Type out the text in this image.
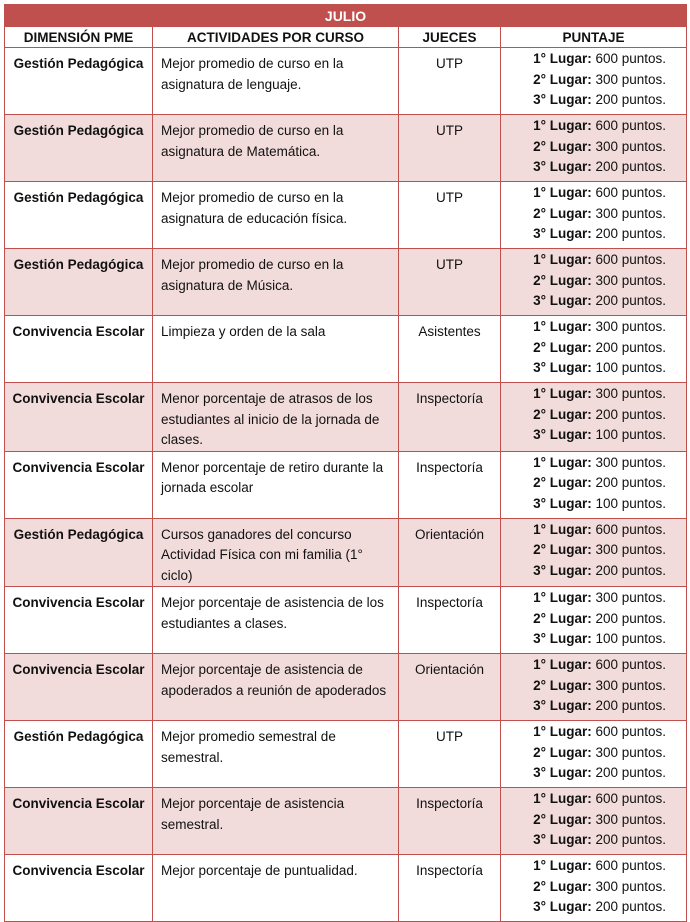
JULIO			
DIMENSIÓN PME	ACTIVIDADES POR CURSO	JUECES	PUNTAJE
Gestión Pedagógica	Mejor promedio de curso en la asignatura de lenguaje.	UTP	1° Lugar: 600 puntos.
2° Lugar: 300 puntos.
3° Lugar: 200 puntos.

Gestión Pedagógica	Mejor promedio de curso en la asignatura de Matemática.	UTP	1° Lugar: 600 puntos.
2° Lugar: 300 puntos.
3° Lugar: 200 puntos.

Gestión Pedagógica	Mejor promedio de curso en la asignatura de educación física.	UTP	1° Lugar: 600 puntos.
2° Lugar: 300 puntos.
3° Lugar: 200 puntos.

Gestión Pedagógica	Mejor promedio de curso en la asignatura de Música.	UTP	1° Lugar: 600 puntos.
2° Lugar: 300 puntos.
3° Lugar: 200 puntos.

Convivencia Escolar	Limpieza y orden de la sala	Asistentes	1° Lugar: 300 puntos.
2° Lugar: 200 puntos.
3° Lugar: 100 puntos.

Convivencia Escolar	Menor porcentaje de atrasos de los estudiantes al inicio de la jornada de clases.	Inspectoría	1° Lugar: 300 puntos.
2° Lugar: 200 puntos.
3° Lugar: 100 puntos.

Convivencia Escolar	Menor porcentaje de retiro durante la jornada escolar	Inspectoría	1° Lugar: 300 puntos.
2° Lugar: 200 puntos.
3° Lugar: 100 puntos.

Gestión Pedagógica	Cursos ganadores del concurso Actividad Física con mi familia (1° ciclo)	Orientación	1° Lugar: 600 puntos.
2° Lugar: 300 puntos.
3° Lugar: 200 puntos.

Convivencia Escolar	Mejor porcentaje de asistencia de los estudiantes a clases.	Inspectoría	1° Lugar: 300 puntos.
2° Lugar: 200 puntos.
3° Lugar: 100 puntos.

Convivencia Escolar	Mejor porcentaje de asistencia de apoderados a reunión de apoderados	Orientación	1° Lugar: 600 puntos.
2° Lugar: 300 puntos.
3° Lugar: 200 puntos.

Gestión Pedagógica	Mejor promedio semestral de semestral.	UTP	1° Lugar: 600 puntos.
2° Lugar: 300 puntos.
3° Lugar: 200 puntos.

Convivencia Escolar	Mejor porcentaje de asistencia semestral.	Inspectoría	1° Lugar: 600 puntos.
2° Lugar: 300 puntos.
3° Lugar: 200 puntos.

Convivencia Escolar	Mejor porcentaje de puntualidad.	Inspectoría	1° Lugar: 600 puntos.
2° Lugar: 300 puntos.
3° Lugar: 200 puntos.
